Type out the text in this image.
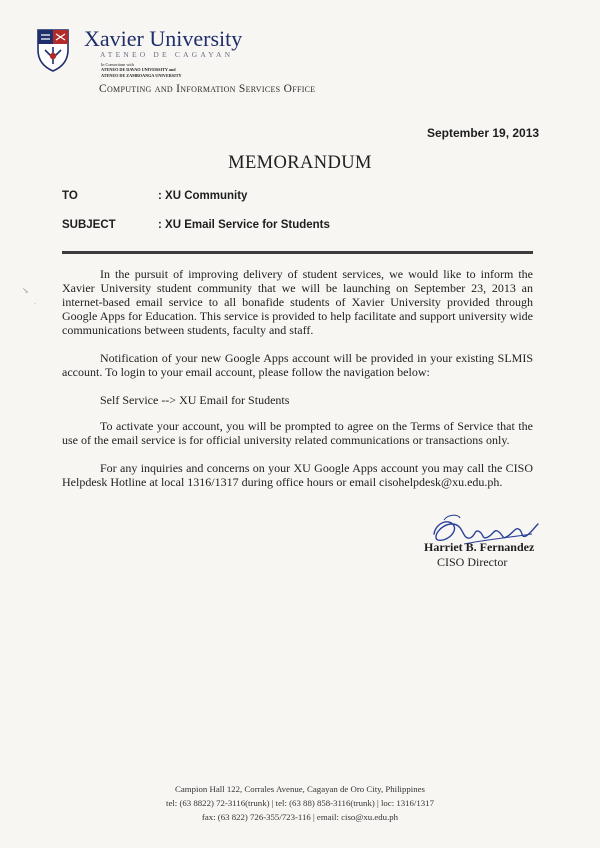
Xavier University
ATENEO DE CAGAYAN
In Consortium with
ATENEO DE DAVAO UNIVERSITY and
ATENEO DE ZAMBOANGA UNIVERSITY
Computing and Information Services Office
↘
·
September 19, 2013
MEMORANDUM
TO	: XU Community
SUBJECT	: XU Email Service for Students
In the pursuit of improving delivery of student services, we would like to inform the Xavier University student community that we will be launching on September 23, 2013 an internet-based email service to all bonafide students of Xavier University provided through Google Apps for Education. This service is provided to help facilitate and support university wide communications between students, faculty and staff.
Notification of your new Google Apps account will be provided in your existing SLMIS account. To login to your email account, please follow the navigation below:
Self Service --> XU Email for Students
To activate your account, you will be prompted to agree on the Terms of Service that the use of the email service is for official university related communications or transactions only.
For any inquiries and concerns on your XU Google Apps account you may call the CISO Helpdesk Hotline at local 1316/1317 during office hours or email cisohelpdesk@xu.edu.ph.
Harriet B. Fernandez
CISO Director
Campion Hall 122, Corrales Avenue, Cagayan de Oro City, Philippines
tel: (63 8822) 72-3116(trunk) | tel: (63 88) 858-3116(trunk) | loc: 1316/1317
fax: (63 822) 726-355/723-116 | email: ciso@xu.edu.ph
